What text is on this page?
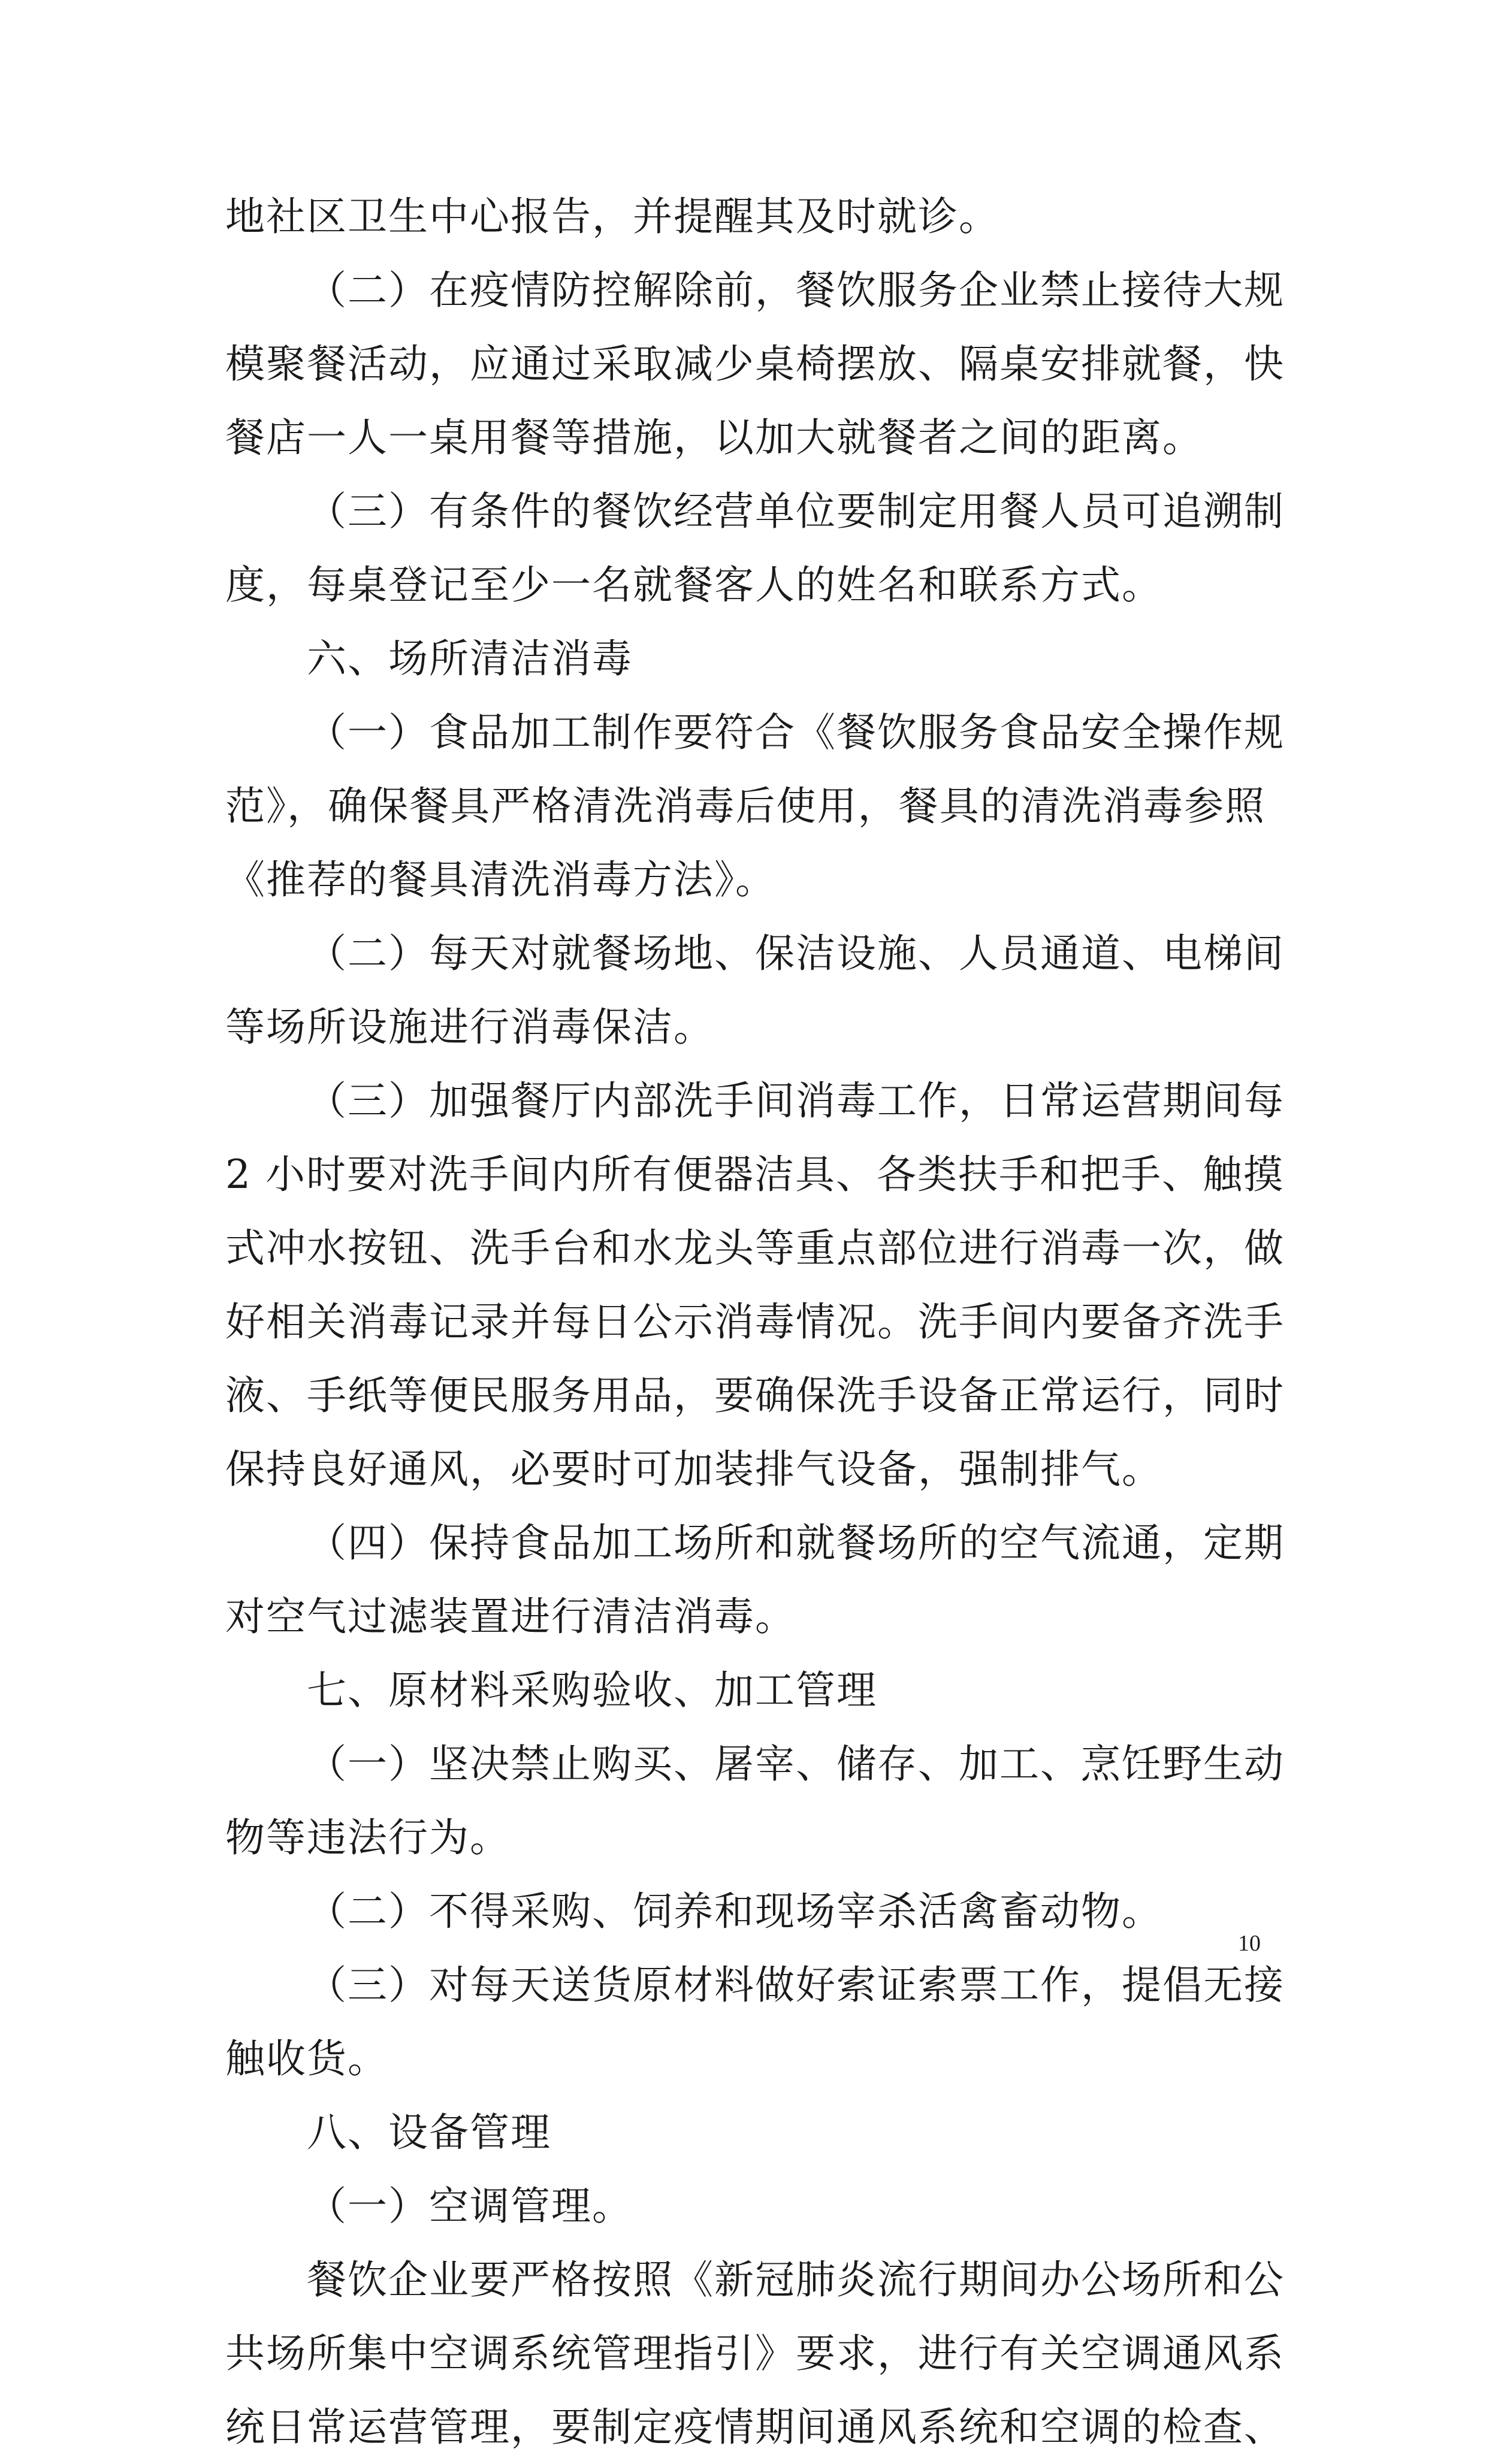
地社区卫生中心报告，并提醒其及时就诊。
（二）在疫情防控解除前，餐饮服务企业禁止接待大规
模聚餐活动，应通过采取减少桌椅摆放、隔桌安排就餐，快
餐店一人一桌用餐等措施，以加大就餐者之间的距离。
（三）有条件的餐饮经营单位要制定用餐人员可追溯制
度，每桌登记至少一名就餐客人的姓名和联系方式。
六、场所清洁消毒
（一）食品加工制作要符合《餐饮服务食品安全操作规
范》，确保餐具严格清洗消毒后使用，餐具的清洗消毒参照
《推荐的餐具清洗消毒方法》。
（二）每天对就餐场地、保洁设施、人员通道、电梯间
等场所设施进行消毒保洁。
（三）加强餐厅内部洗手间消毒工作，日常运营期间每
2 小时要对洗手间内所有便器洁具、各类扶手和把手、触摸
式冲水按钮、洗手台和水龙头等重点部位进行消毒一次，做
好相关消毒记录并每日公示消毒情况。洗手间内要备齐洗手
液、手纸等便民服务用品，要确保洗手设备正常运行，同时
保持良好通风，必要时可加装排气设备，强制排气。
（四）保持食品加工场所和就餐场所的空气流通，定期
对空气过滤装置进行清洁消毒。
七、原材料采购验收、加工管理
（一）坚决禁止购买、屠宰、储存、加工、烹饪野生动
物等违法行为。
（二）不得采购、饲养和现场宰杀活禽畜动物。
（三）对每天送货原材料做好索证索票工作，提倡无接
触收货。
八、设备管理
（一）空调管理。
餐饮企业要严格按照《新冠肺炎流行期间办公场所和公
共场所集中空调系统管理指引》要求，进行有关空调通风系
统日常运营管理，要制定疫情期间通风系统和空调的检查、
10
